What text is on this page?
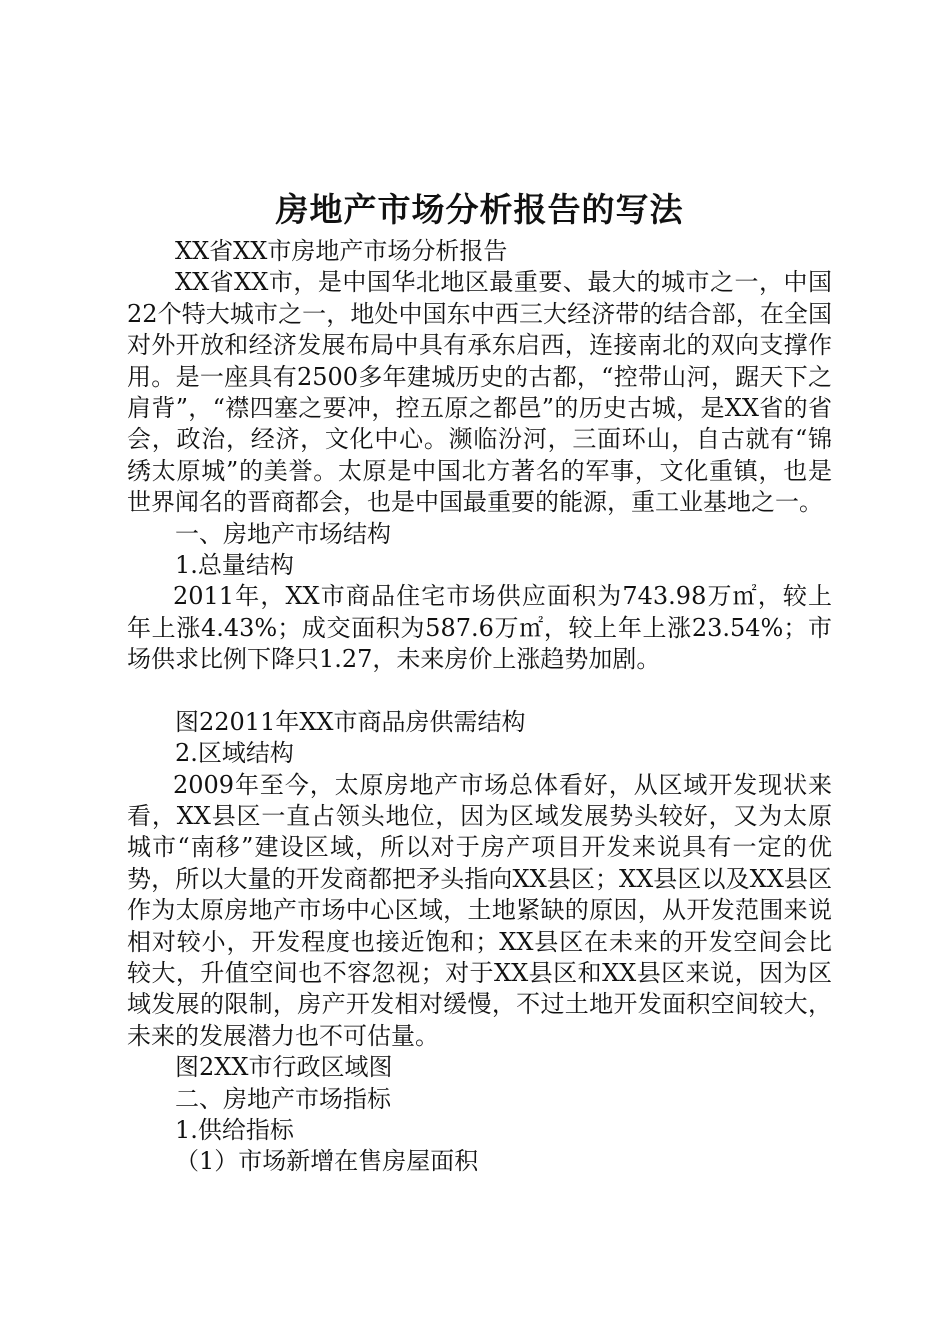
房地产市场分析报告的写法

XX省XX市房地产市场分析报告

XX省XX市，是中国华北地区最重要、最大的城市之一，中国22个特大城市之一，地处中国东中西三大经济带的结合部，在全国对外开放和经济发展布局中具有承东启西，连接南北的双向支撑作用。是一座具有2500多年建城历史的古都，“控带山河，踞天下之肩背”，“襟四塞之要冲，控五原之都邑”的历史古城，是XX省的省会，政治，经济，文化中心。濒临汾河，三面环山，自古就有“锦绣太原城”的美誉。太原是中国北方著名的军事，文化重镇，也是世界闻名的晋商都会，也是中国最重要的能源，重工业基地之一。

一、房地产市场结构

1.总量结构

2011年，XX市商品住宅市场供应面积为743.98万㎡，较上年上涨4.43%；成交面积为587.6万㎡，较上年上涨23.54%；市场供求比例下降只1.27，未来房价上涨趋势加剧。

图22011年XX市商品房供需结构

2.区域结构

2009年至今，太原房地产市场总体看好，从区域开发现状来看，XX县区一直占领头地位，因为区域发展势头较好，又为太原城市“南移”建设区域，所以对于房产项目开发来说具有一定的优势，所以大量的开发商都把矛头指向XX县区；XX县区以及XX县区作为太原房地产市场中心区域，土地紧缺的原因，从开发范围来说相对较小，开发程度也接近饱和；XX县区在未来的开发空间会比较大，升值空间也不容忽视；对于XX县区和XX县区来说，因为区域发展的限制，房产开发相对缓慢，不过土地开发面积空间较大，未来的发展潜力也不可估量。

图2XX市行政区域图

二、房地产市场指标

1.供给指标

（1）市场新增在售房屋面积
